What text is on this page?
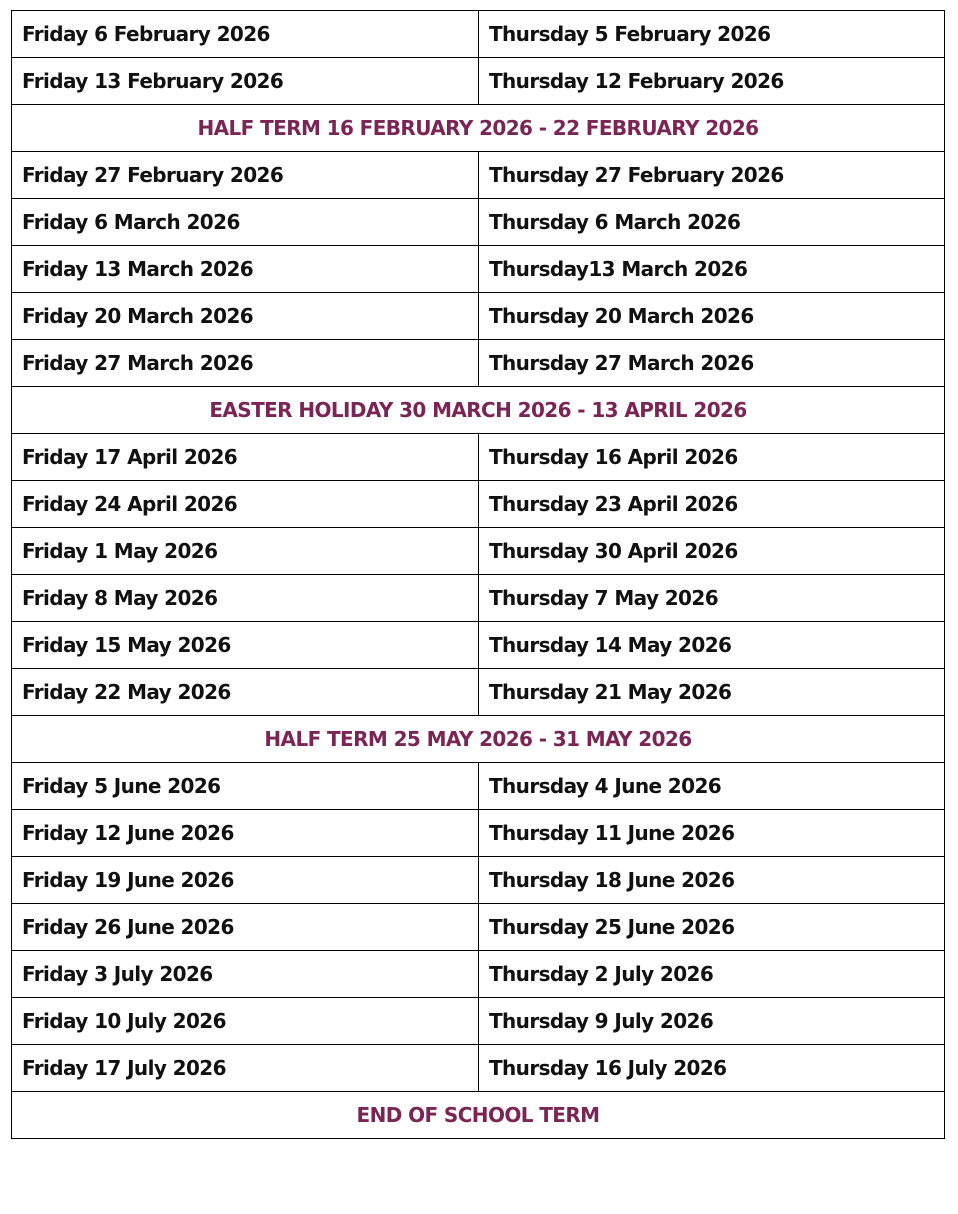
Friday 6 February 2026	Thursday 5 February 2026
Friday 13 February 2026	Thursday 12 February 2026
HALF TERM 16 FEBRUARY 2026 - 22 FEBRUARY 2026	
Friday 27 February 2026	Thursday 27 February 2026
Friday 6 March 2026	Thursday 6 March 2026
Friday 13 March 2026	Thursday13 March 2026
Friday 20 March 2026	Thursday 20 March 2026
Friday 27 March 2026	Thursday 27 March 2026
EASTER HOLIDAY 30 MARCH 2026 - 13 APRIL 2026	
Friday 17 April 2026	Thursday 16 April 2026
Friday 24 April 2026	Thursday 23 April 2026
Friday 1 May 2026	Thursday 30 April 2026
Friday 8 May 2026	Thursday 7 May 2026
Friday 15 May 2026	Thursday 14 May 2026
Friday 22 May 2026	Thursday 21 May 2026
HALF TERM 25 MAY 2026 - 31 MAY 2026	
Friday 5 June 2026	Thursday 4 June 2026
Friday 12 June 2026	Thursday 11 June 2026
Friday 19 June 2026	Thursday 18 June 2026
Friday 26 June 2026	Thursday 25 June 2026
Friday 3 July 2026	Thursday 2 July 2026
Friday 10 July 2026	Thursday 9 July 2026
Friday 17 July 2026	Thursday 16 July 2026
END OF SCHOOL TERM	
